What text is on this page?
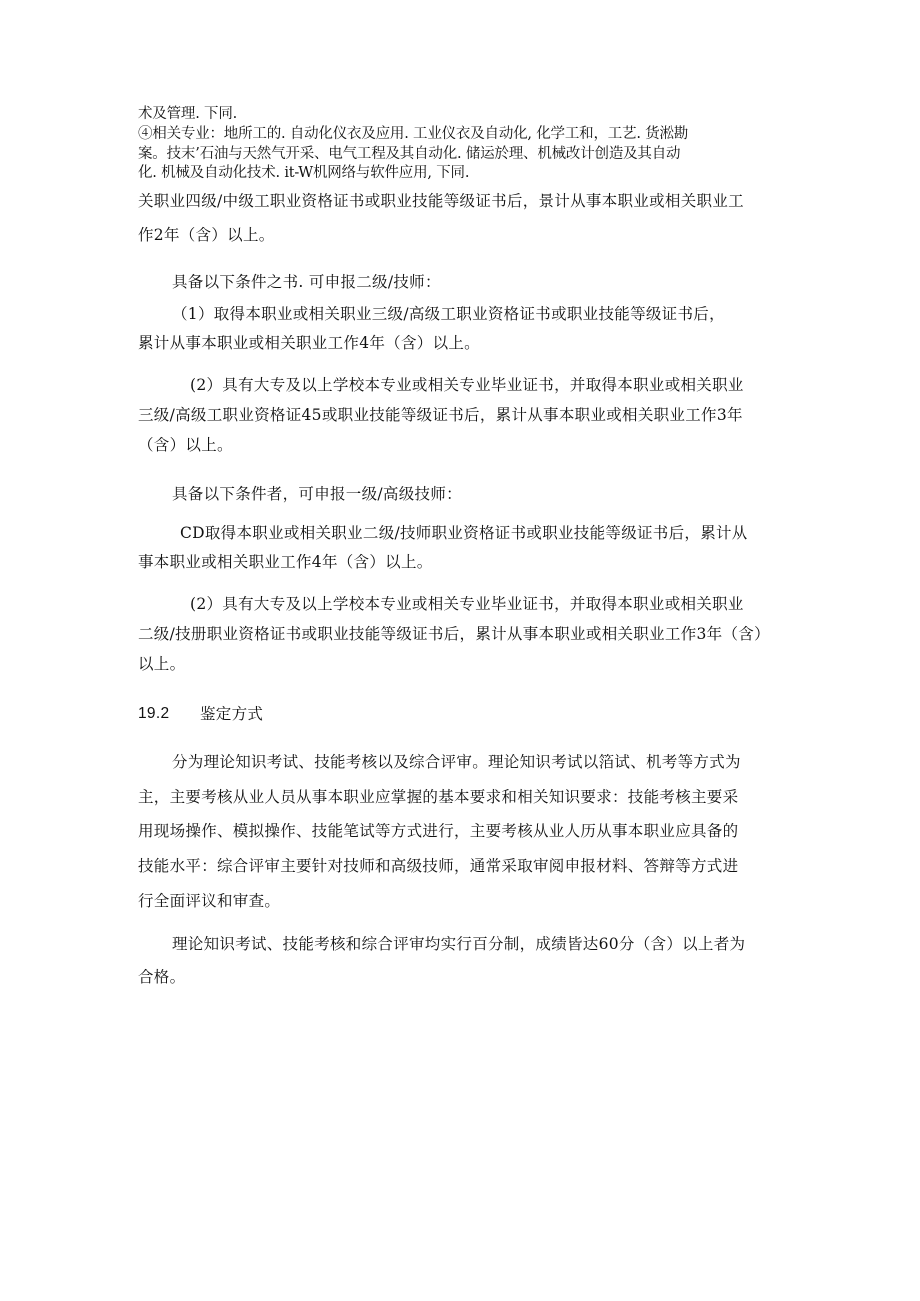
术及管理. 下同.
④相关专业：地所工的. 自动化仪衣及应用. 工业仪衣及自动化, 化学工和，工艺. 货淞勘
案。技末’石油与天然气开采、电气工程及其自动化. 储运於理、机械改计创造及其自动
化. 机械及自动化技术. it-W机网络与软件应用, 下同.
关职业四级/中级工职业资格证书或职业技能等级证书后，景计从事本职业或相关职业工
作2年（含）以上。
具备以下条件之书. 可申报二级/技师：
（1）取得本职业或相关职业三级/高级工职业资格证书或职业技能等级证书后，
累计从事本职业或相关职业工作4年（含）以上。
(2）具有大专及以上学校本专业或相关专业毕业证书，并取得本职业或相关职业
三级/高级工职业资格证45或职业技能等级证书后，累计从事本职业或相关职业工作3年
（含）以上。
具备以下条件者，可申报一级/高级技师：
CD取得本职业或相关职业二级/技师职业资格证书或职业技能等级证书后，累计从
事本职业或相关职业工作4年（含）以上。
(2）具有大专及以上学校本专业或相关专业毕业证书，并取得本职业或相关职业
二级/技册职业资格证书或职业技能等级证书后，累计从事本职业或相关职业工作3年（含）
以上。
19.2 鉴定方式
分为理论知识考试、技能考核以及综合评审。理论知识考试以箔试、机考等方式为
主，主要考核从业人员从事本职业应掌握的基本要求和相关知识要求：技能考核主要采
用现场操作、模拟操作、技能笔试等方式进行，主要考核从业人历从事本职业应具备的
技能水平：综合评审主要针对技师和高级技师，通常采取审阅申报材料、答辩等方式进
行全面评议和审查。
理论知识考试、技能考核和综合评审均实行百分制，成绩皆达60分（含）以上者为
合格。
